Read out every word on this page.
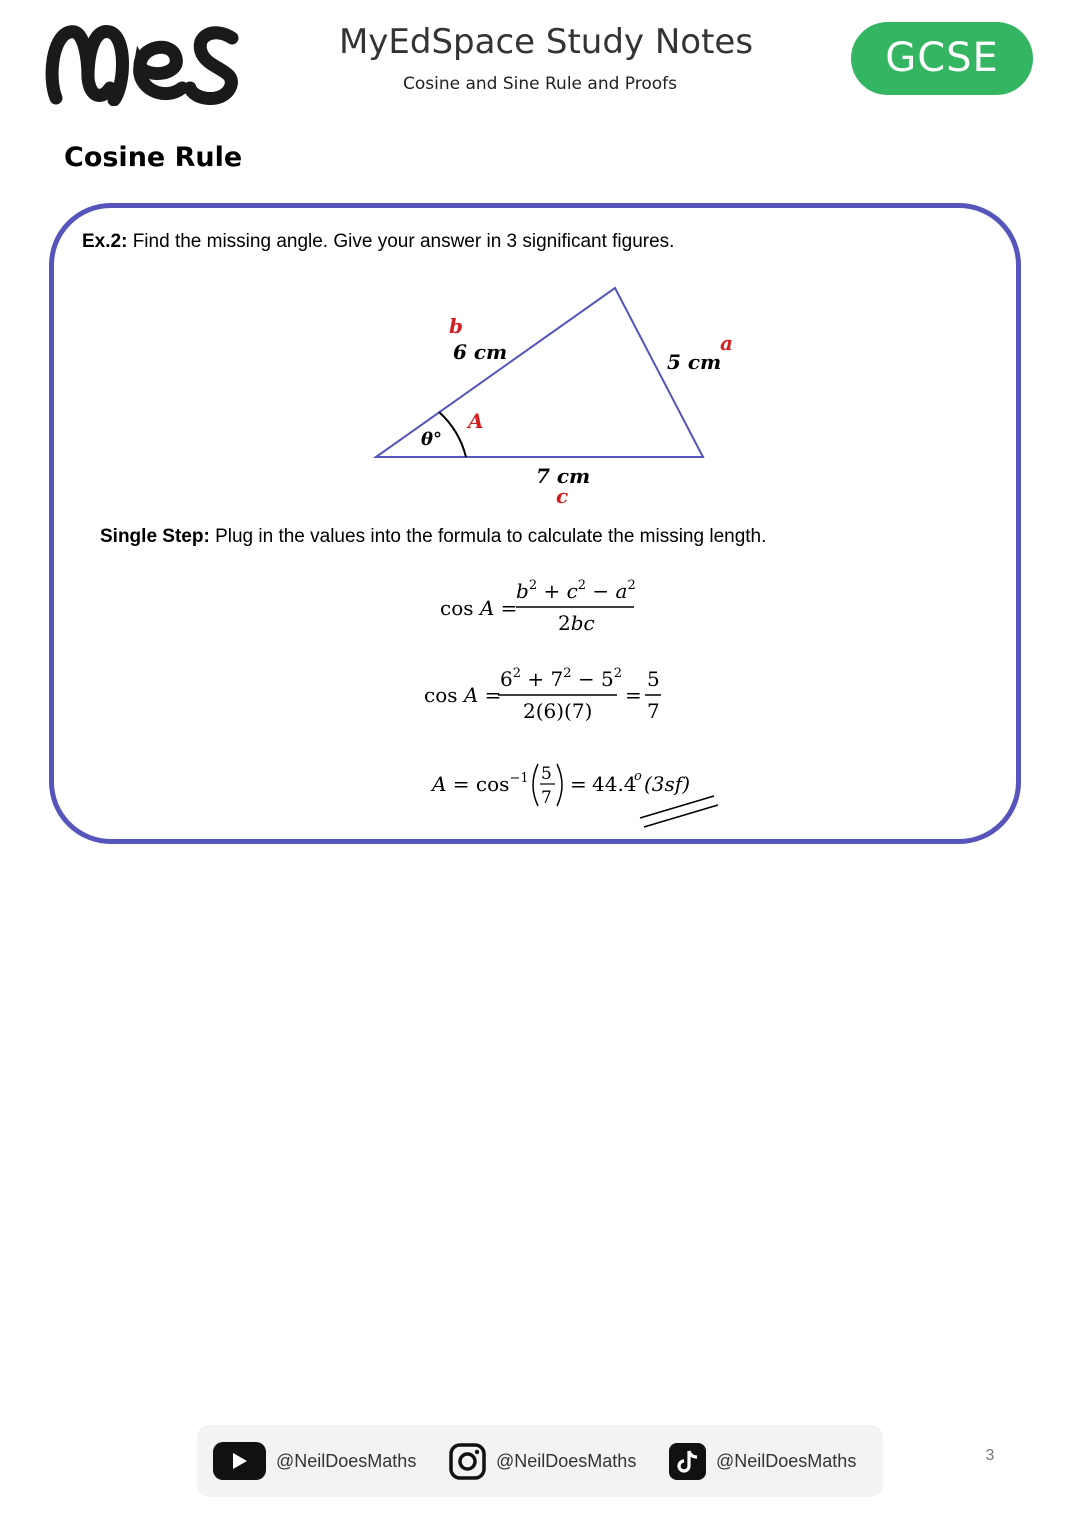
MyEdSpace Study Notes
Cosine and Sine Rule and Proofs
GCSE
Cosine Rule
Ex.2: Find the missing angle. Give your answer in 3 significant figures.
b
6 cm	5 cm
a
A
θ°
7 cm
c
Single Step: Plug in the values into the formula to calculate the missing length.
cos A =
$b^2 + c^2 - a^2$
2bc
cos A =
$6^2 + 7^2 - 5^2$
2(6)(7)
=
5
7
$A = \cos^{-1} 5$
7
= 44.4
o (3sf)
@NeilDoesMaths	@NeilDoesMaths	@NeilDoesMaths	3
